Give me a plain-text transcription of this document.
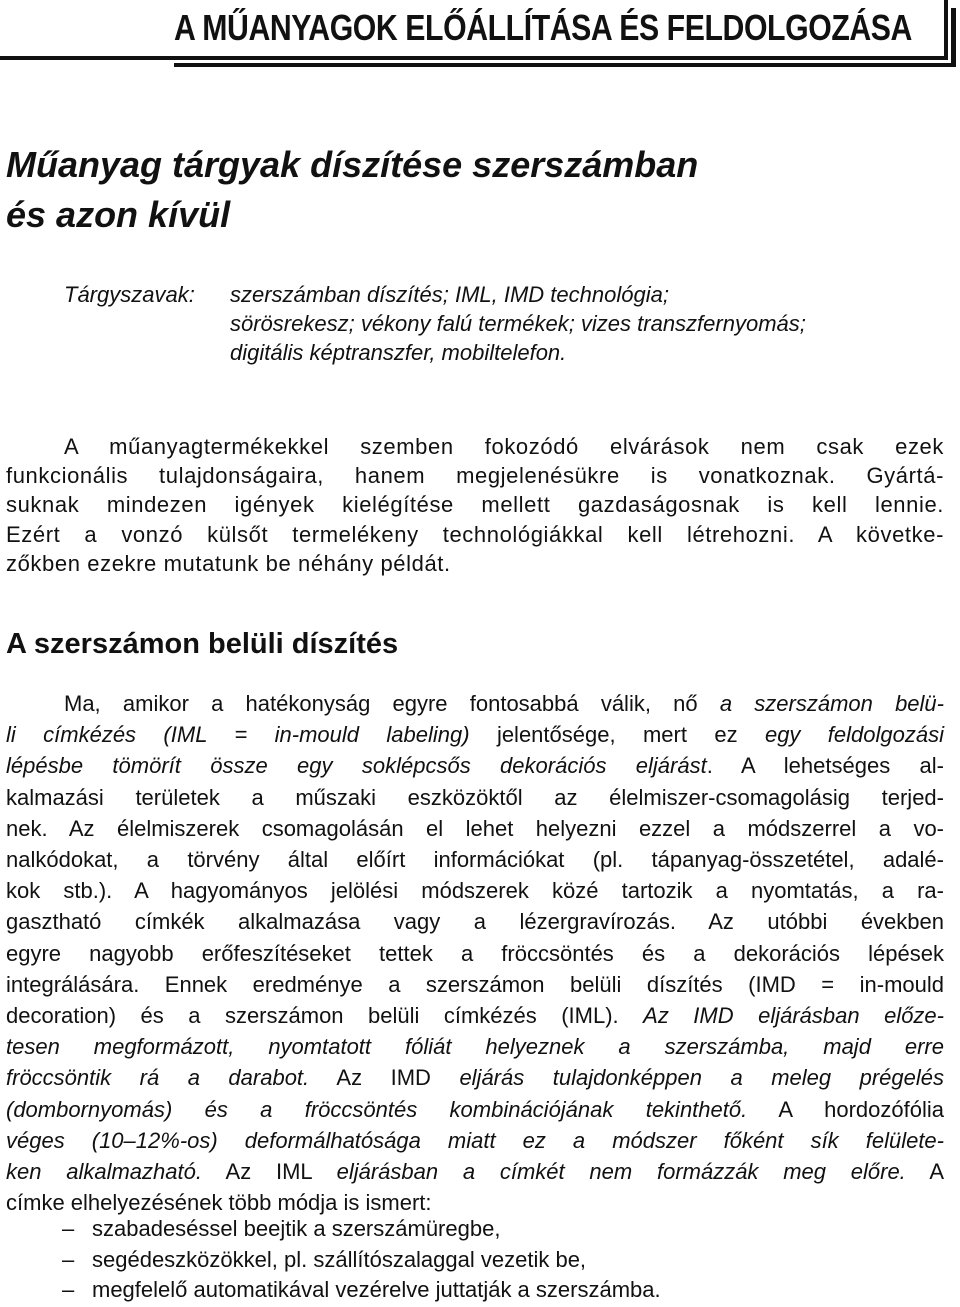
A MŰANYAGOK ELŐÁLLÍTÁSA ÉS FELDOLGOZÁSA
Műanyag tárgyak díszítése szerszámban
és azon kívül
Tárgyszavak: szerszámban díszítés; IML, IMD technológia;
sörösrekesz; vékony falú termékek; vizes transzfernyomás;
digitális képtranszfer, mobiltelefon.
A műanyagtermékekkel szemben fokozódó elvárások nem csak ezek
funkcionális tulajdonságaira, hanem megjelenésükre is vonatkoznak. Gyártá-
suknak mindezen igények kielégítése mellett gazdaságosnak is kell lennie.
Ezért a vonzó külsőt termelékeny technológiákkal kell létrehozni. A követke-
zőkben ezekre mutatunk be néhány példát.
A szerszámon belüli díszítés
Ma, amikor a hatékonyság egyre fontosabbá válik, nő a szerszámon belü-
li címkézés (IML = in-mould labeling) jelentősége, mert ez egy feldolgozási
lépésbe tömörít össze egy soklépcsős dekorációs eljárást. A lehetséges al-
kalmazási területek a műszaki eszközöktől az élelmiszer-csomagolásig terjed-
nek. Az élelmiszerek csomagolásán el lehet helyezni ezzel a módszerrel a vo-
nalkódokat, a törvény által előírt információkat (pl. tápanyag-összetétel, adalé-
kok stb.). A hagyományos jelölési módszerek közé tartozik a nyomtatás, a ra-
gasztható címkék alkalmazása vagy a lézergravírozás. Az utóbbi években
egyre nagyobb erőfeszítéseket tettek a fröccsöntés és a dekorációs lépések
integrálására. Ennek eredménye a szerszámon belüli díszítés (IMD = in-mould
decoration) és a szerszámon belüli címkézés (IML). Az IMD eljárásban előze-
tesen megformázott, nyomtatott fóliát helyeznek a szerszámba, majd erre
fröccsöntik rá a darabot. Az IMD eljárás tulajdonképpen a meleg prégelés
(dombornyomás) és a fröccsöntés kombinációjának tekinthető. A hordozófólia
véges (10–12%-os) deformálhatósága miatt ez a módszer főként sík felülete-
ken alkalmazható. Az IML eljárásban a címkét nem formázzák meg előre. A
címke elhelyezésének több módja is ismert:
– szabadeséssel beejtik a szerszámüregbe,
– segédeszközökkel, pl. szállítószalaggal vezetik be,
– megfelelő automatikával vezérelve juttatják a szerszámba.
